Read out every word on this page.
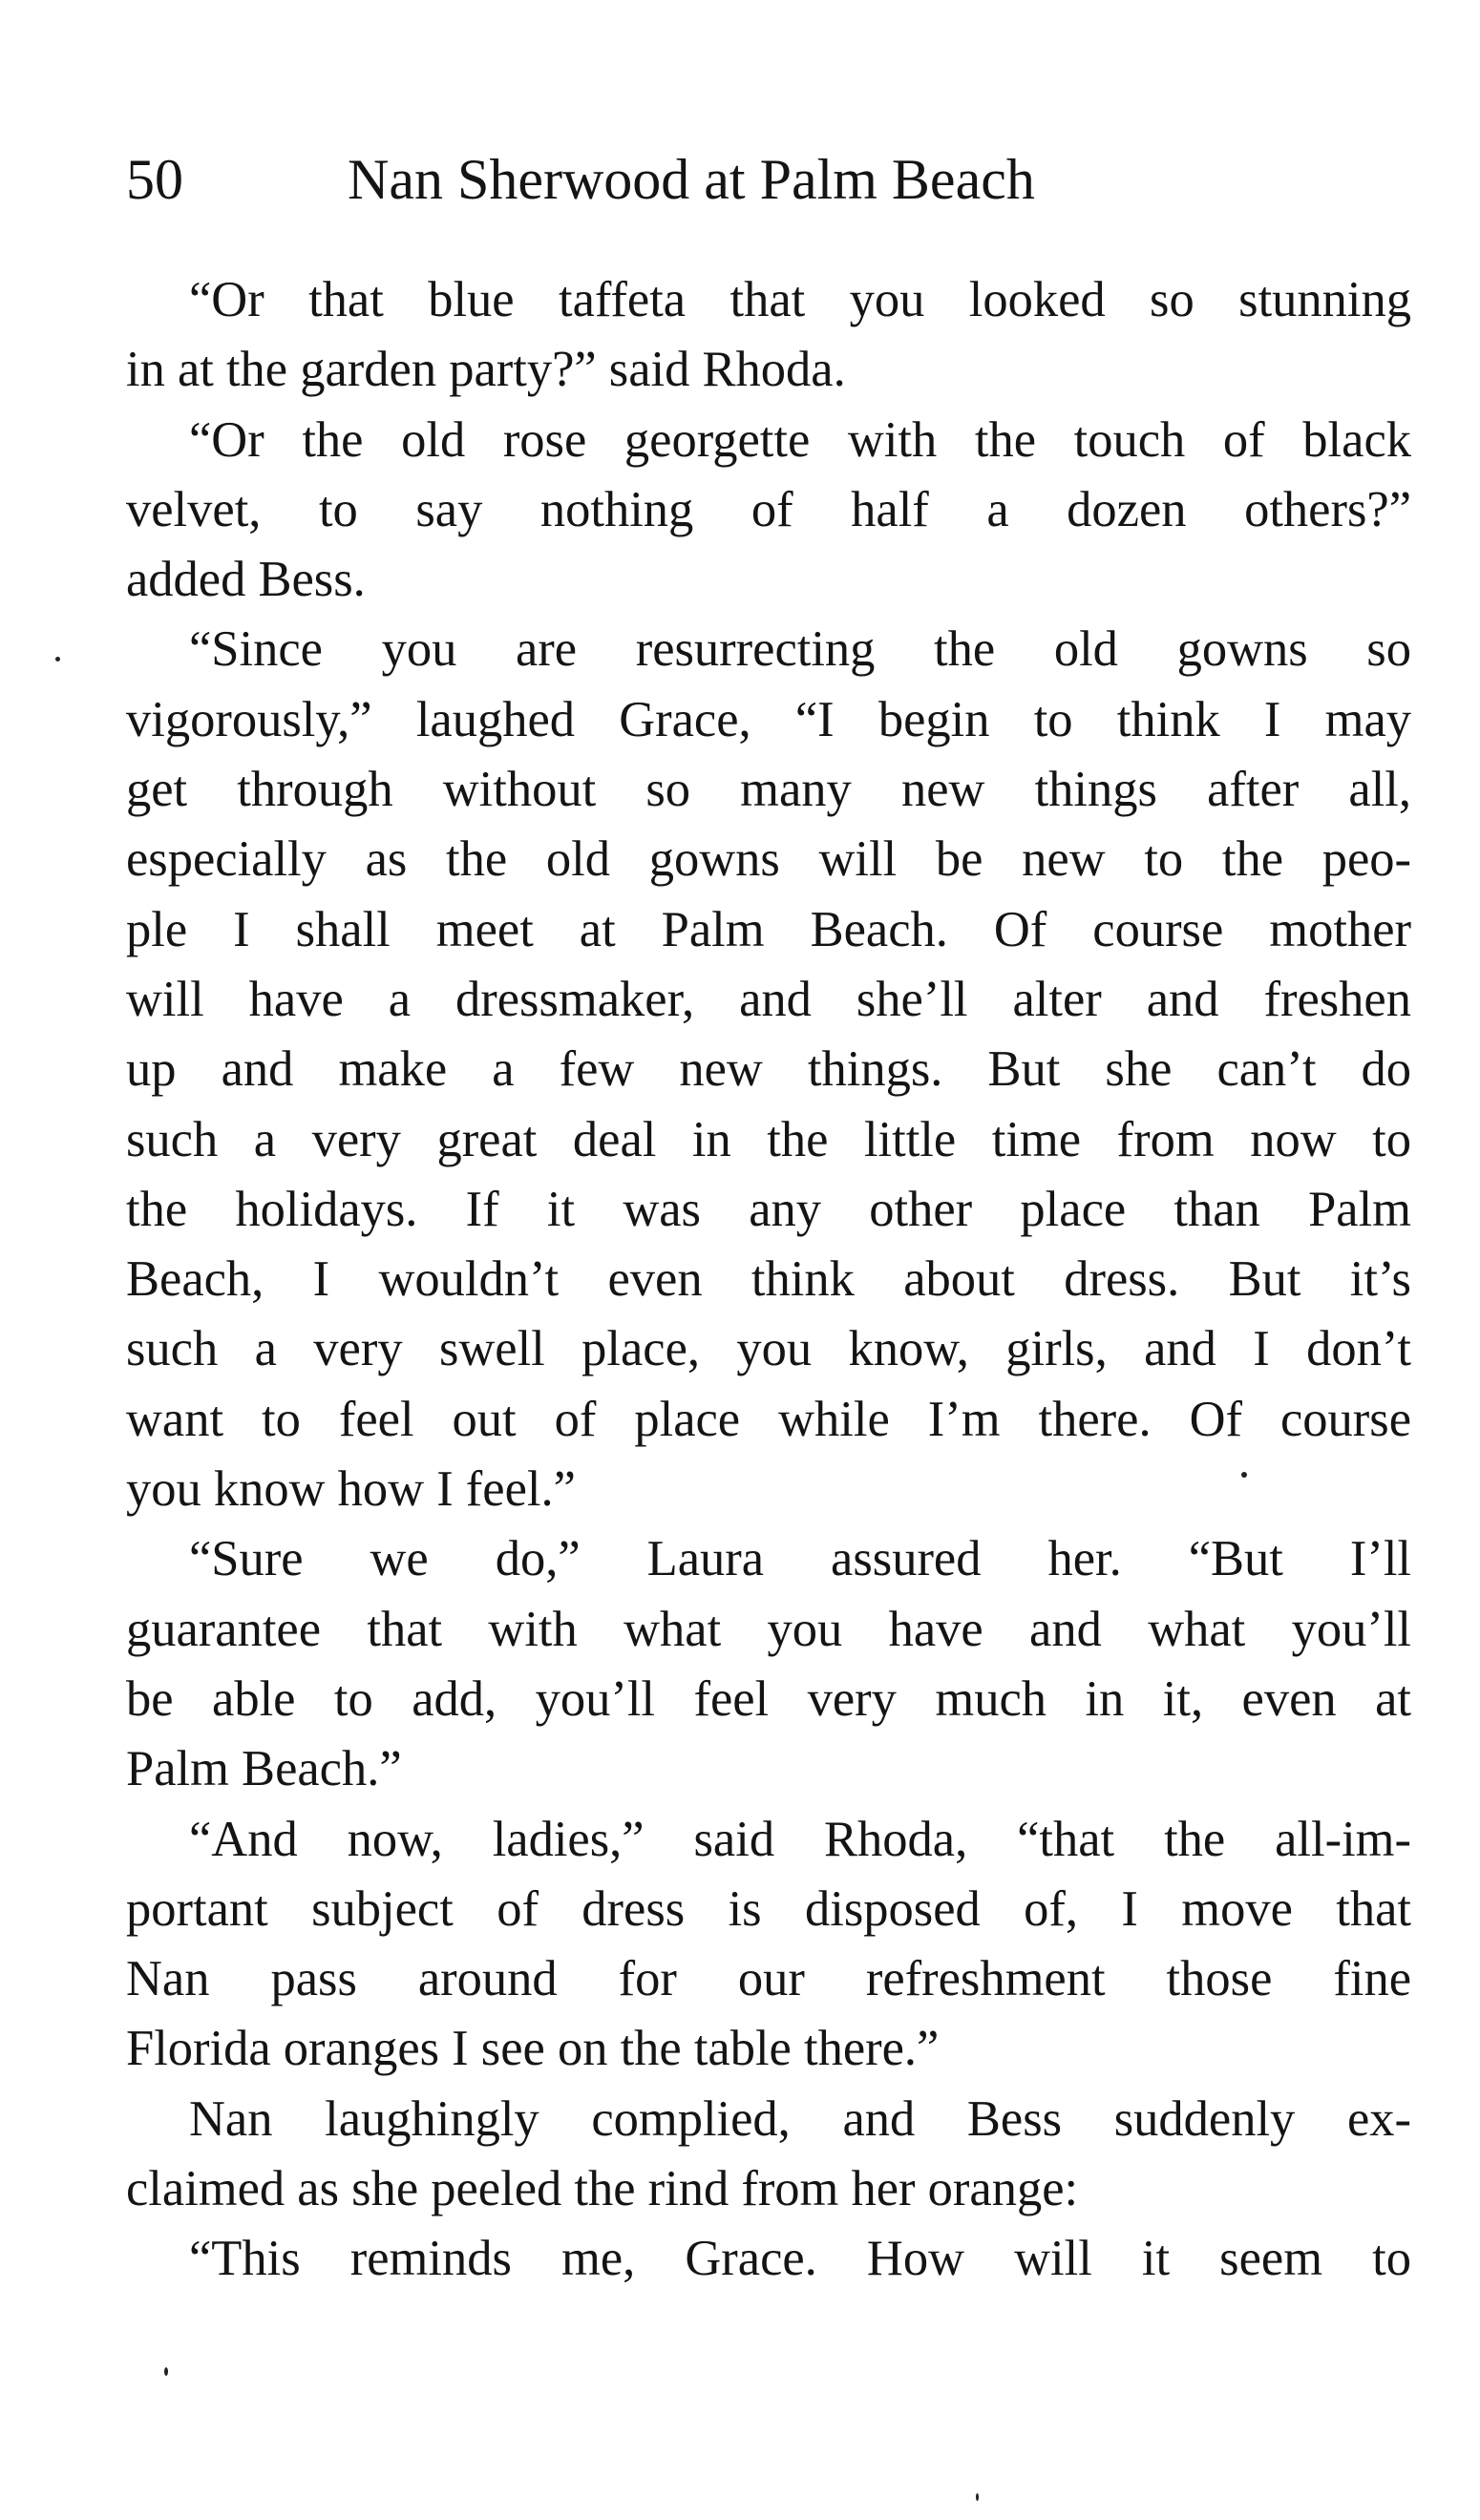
50	Nan Sherwood at Palm Beach
“Or that blue taffeta that you looked so stunning
in at the garden party?” said Rhoda.
“Or the old rose georgette with the touch of black
velvet, to say nothing of half a dozen others?”
added Bess.
“Since you are resurrecting the old gowns so
vigorously,” laughed Grace, “I begin to think I may
get through without so many new things after all,
especially as the old gowns will be new to the peo-
ple I shall meet at Palm Beach. Of course mother
will have a dressmaker, and she’ll alter and freshen
up and make a few new things. But she can’t do
such a very great deal in the little time from now to
the holidays. If it was any other place than Palm
Beach, I wouldn’t even think about dress. But it’s
such a very swell place, you know, girls, and I don’t
want to feel out of place while I’m there. Of course
you know how I feel.”
“Sure we do,” Laura assured her. “But I’ll
guarantee that with what you have and what you’ll
be able to add, you’ll feel very much in it, even at
Palm Beach.”
“And now, ladies,” said Rhoda, “that the all-im-
portant subject of dress is disposed of, I move that
Nan pass around for our refreshment those fine
Florida oranges I see on the table there.”
Nan laughingly complied, and Bess suddenly ex-
claimed as she peeled the rind from her orange:
“This reminds me, Grace. How will it seem to
